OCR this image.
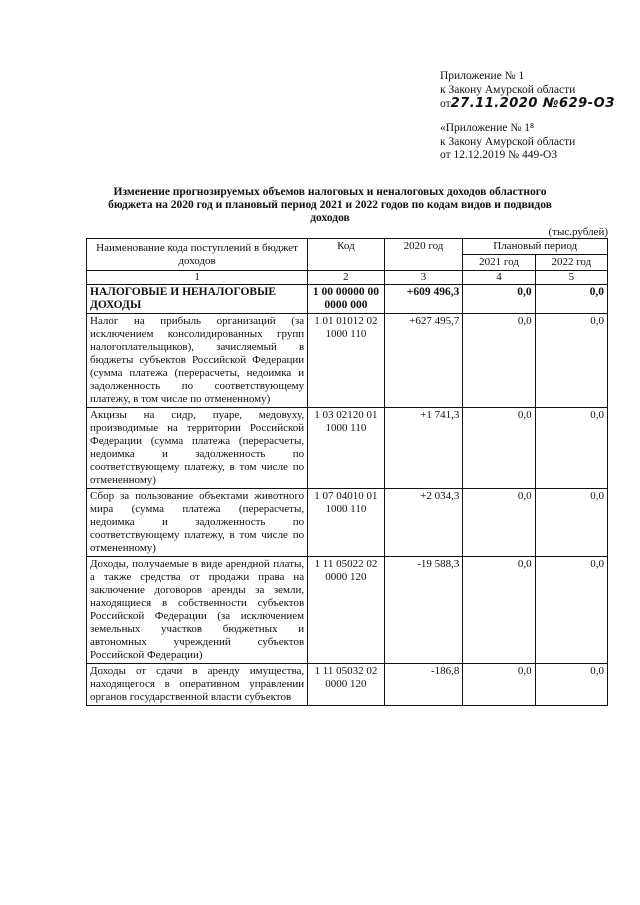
Приложение № 1
к Закону Амурской области
от27.11.2020 №629-ОЗ
«Приложение № 1⁸
к Закону Амурской области
от 12.12.2019 № 449-ОЗ
Изменение прогнозируемых объемов налоговых и неналоговых доходов областного бюджета на 2020 год и плановый период 2021 и 2022 годов по кодам видов и подвидов доходов
(тыс.рублей)
Наименование кода поступлений в бюджет доходов	Код	2020 год	Плановый период	
			2021 год	2022 год
1	2	3	4	5
НАЛОГОВЫЕ И НЕНАЛОГОВЫЕ ДОХОДЫ	1 00 00000 00 0000 000	+609 496,3	0,0	0,0
Налог на прибыль организаций (за исключением консолидированных групп налогоплательщиков), зачисляемый в бюджеты субъектов Российской Федерации (сумма платежа (перерасчеты, недоимка и задолженность по соответствующему платежу, в том числе по отмененному)	1 01 01012 02 1000 110	+627 495,7	0,0	0,0
Акцизы на сидр, пуаре, медовуху, производимые на территории Российской Федерации (сумма платежа (перерасчеты, недоимка и задолженность по соответствующему платежу, в том числе по отмененному)	1 03 02120 01 1000 110	+1 741,3	0,0	0,0
Сбор за пользование объектами животного мира (сумма платежа (перерасчеты, недоимка и задолженность по соответствующему платежу, в том числе по отмененному)	1 07 04010 01 1000 110	+2 034,3	0,0	0,0
Доходы, получаемые в виде арендной платы, а также средства от продажи права на заключение договоров аренды за земли, находящиеся в собственности субъектов Российской Федерации (за исключением земельных участков бюджетных и автономных учреждений субъектов Российской Федерации)	1 11 05022 02 0000 120	-19 588,3	0,0	0,0
Доходы от сдачи в аренду имущества, находящегося в оперативном управлении органов государственной власти субъектов	1 11 05032 02 0000 120	-186,8	0,0	0,0
